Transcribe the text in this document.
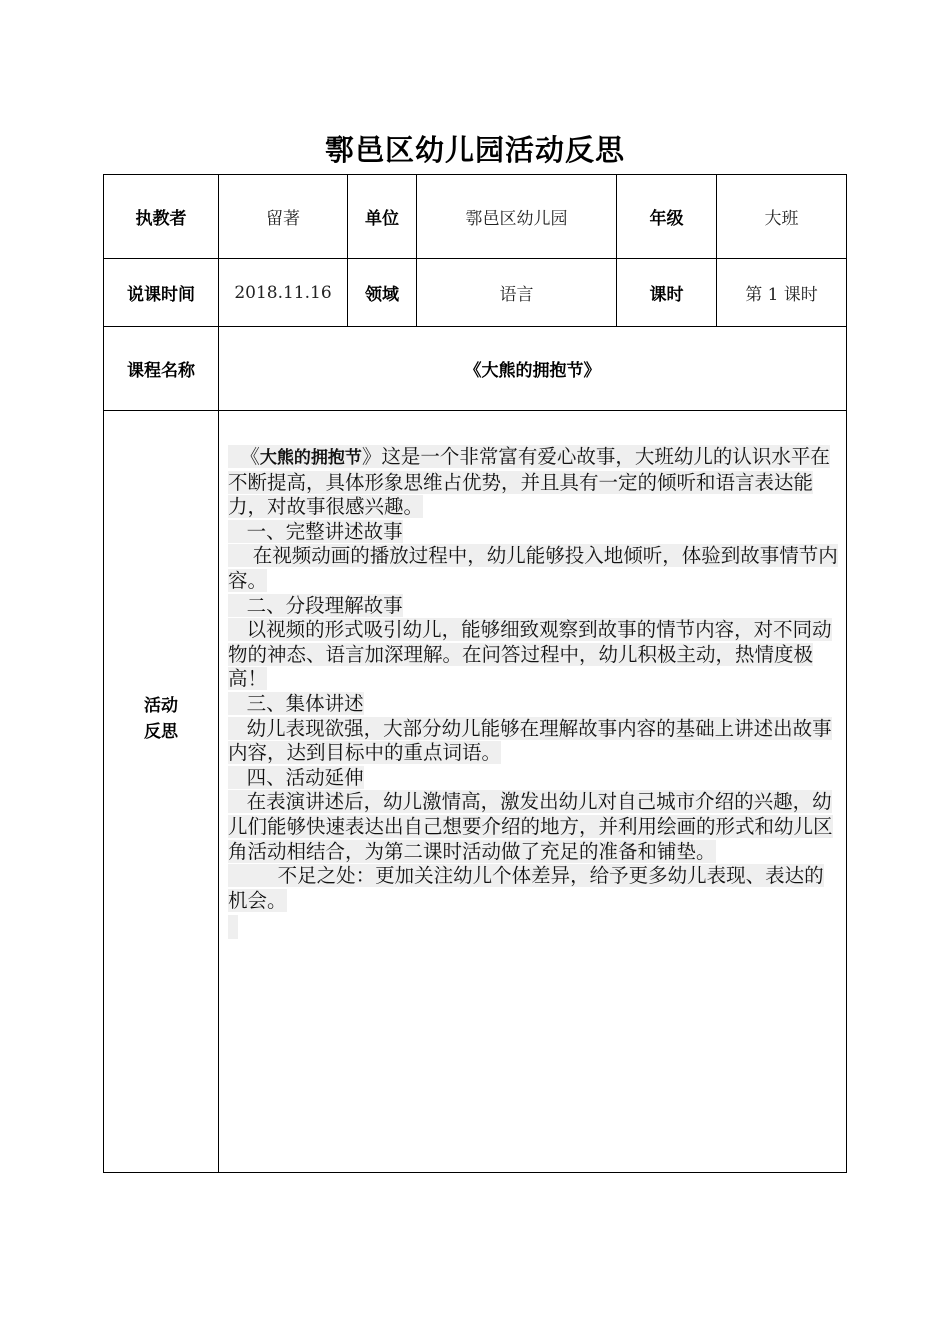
鄠邑区幼儿园活动反思
执教者	留著	单位	鄠邑区幼儿园	年级	大班
说课时间	2018.11.16	领域	语言	课时	第 1 课时
课程名称	《大熊的拥抱节》
活动
反思

《大熊的拥抱节》这是一个非常富有爱心故事，大班幼儿的认识水平在不断提高，具体形象思维占优势，并且具有一定的倾听和语言表达能力，对故事很感兴趣。

一、完整讲述故事

在视频动画的播放过程中，幼儿能够投入地倾听，体验到故事情节内容。

二、分段理解故事

以视频的形式吸引幼儿，能够细致观察到故事的情节内容，对不同动物的神态、语言加深理解。在问答过程中，幼儿积极主动，热情度极高！

三、集体讲述

幼儿表现欲强，大部分幼儿能够在理解故事内容的基础上讲述出故事内容，达到目标中的重点词语。

四、活动延伸

在表演讲述后，幼儿激情高，激发出幼儿对自己城市介绍的兴趣，幼儿们能够快速表达出自己想要介绍的地方，并利用绘画的形式和幼儿区角活动相结合，为第二课时活动做了充足的准备和铺垫。

不足之处：更加关注幼儿个体差异，给予更多幼儿表现、表达的机会。
